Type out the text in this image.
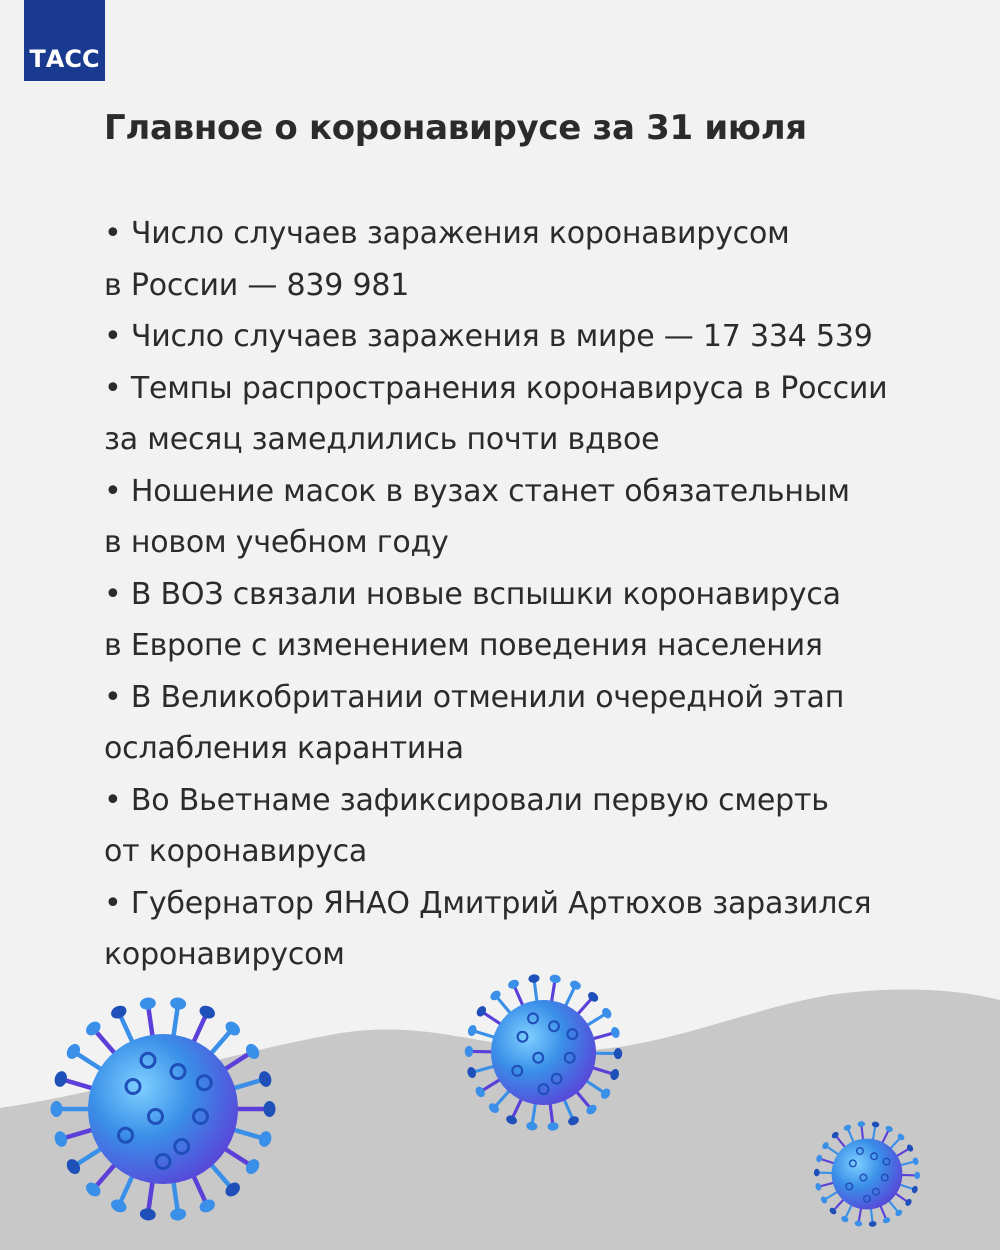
ТАСС
Главное о коронавирусе за 31 июля
• Число случаев заражения коронавирусом
в России — 839 981
• Число случаев заражения в мире — 17 334 539
• Темпы распространения коронавируса в России
за месяц замедлились почти вдвое
• Ношение масок в вузах станет обязательным
в новом учебном году
• В ВОЗ связали новые вспышки коронавируса
в Европе с изменением поведения населения
• В Великобритании отменили очередной этап
ослабления карантина
• Во Вьетнаме зафиксировали первую смерть
от коронавируса
• Губернатор ЯНАО Дмитрий Артюхов заразился
коронавирусом
